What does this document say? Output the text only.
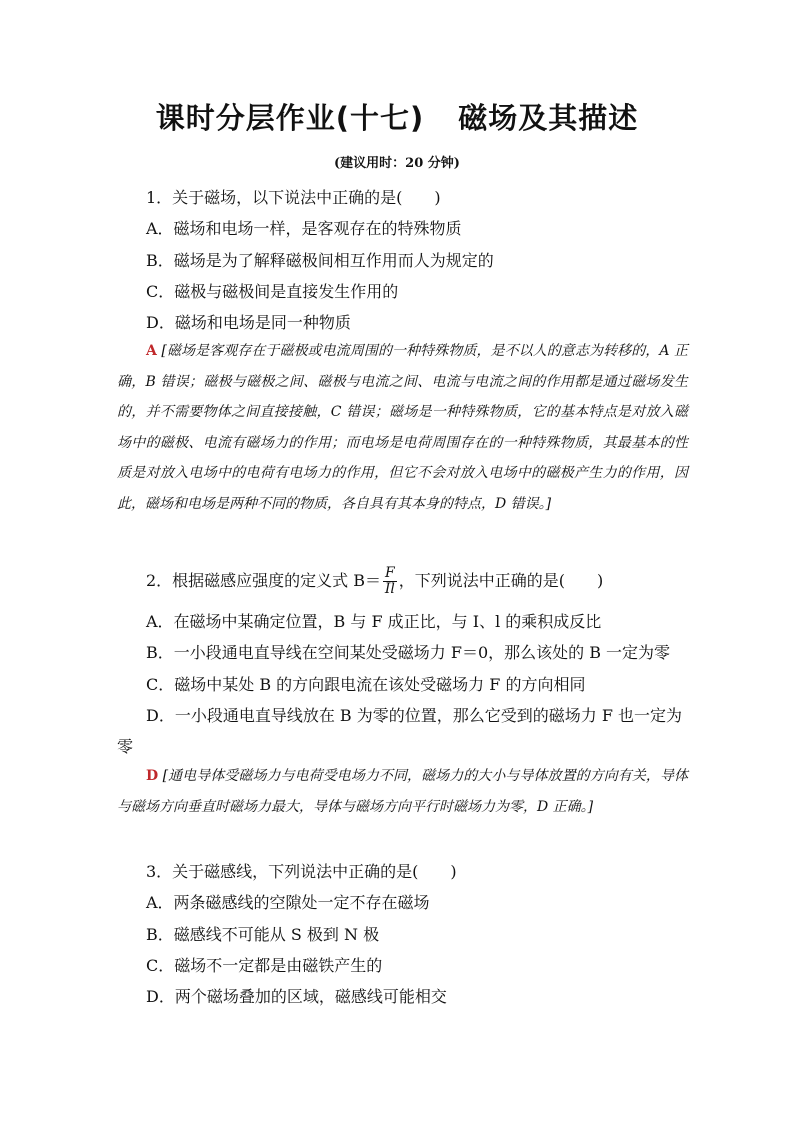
课时分层作业(十七) 磁场及其描述
(建议用时：20 分钟)
1．关于磁场，以下说法中正确的是(　　)
A．磁场和电场一样，是客观存在的特殊物质
B．磁场是为了解释磁极间相互作用而人为规定的
C．磁极与磁极间是直接发生作用的
D．磁场和电场是同一种物质
A [磁场是客观存在于磁极或电流周围的一种特殊物质，是不以人的意志为转移的，A 正确，B 错误；磁极与磁极之间、磁极与电流之间、电流与电流之间的作用都是通过磁场发生的，并不需要物体之间直接接触，C 错误；磁场是一种特殊物质，它的基本特点是对放入磁场中的磁极、电流有磁场力的作用；而电场是电荷周围存在的一种特殊物质，其最基本的性质是对放入电场中的电荷有电场力的作用，但它不会对放入电场中的磁极产生力的作用，因此，磁场和电场是两种不同的物质，各自具有其本身的特点，D 错误。]
2．根据磁感应强度的定义式 $B= \frac{F}{Il}$ ，下列说法中正确的是(　　)
A．在磁场中某确定位置，B 与 F 成正比，与 I、l 的乘积成反比
B．一小段通电直导线在空间某处受磁场力 F＝0，那么该处的 B 一定为零
C．磁场中某处 B 的方向跟电流在该处受磁场力 F 的方向相同
D．一小段通电直导线放在 B 为零的位置，那么它受到的磁场力 F 也一定为
零
D [通电导体受磁场力与电荷受电场力不同，磁场力的大小与导体放置的方向有关，导体与磁场方向垂直时磁场力最大，导体与磁场方向平行时磁场力为零，D 正确。]
3．关于磁感线，下列说法中正确的是(　　)
A．两条磁感线的空隙处一定不存在磁场
B．磁感线不可能从 S 极到 N 极
C．磁场不一定都是由磁铁产生的
D．两个磁场叠加的区域，磁感线可能相交
